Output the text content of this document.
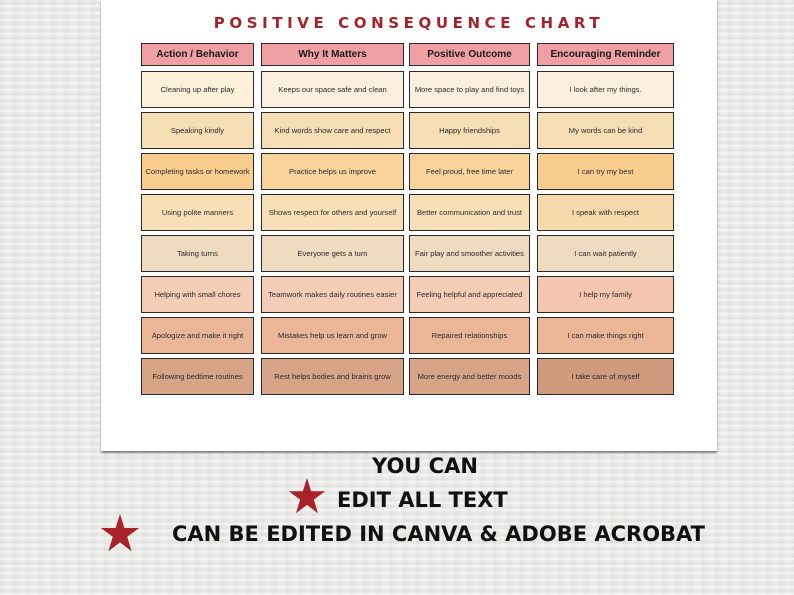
POSITIVE CONSEQUENCE CHART
Action / Behavior	Why It Matters	Positive Outcome	Encouraging Reminder
Cleaning up after play	Keeps our space safe and clean	More space to play and find toys	I look after my things.
Speaking kindly	Kind words show care and respect	Happy friendships	My words can be kind
Completing tasks or homework	Practice helps us improve	Feel proud, free time later	I can try my best
Using polite manners	Shows respect for others and yourself	Better communication and trust	I speak with respect
Taking turns	Everyone gets a turn	Fair play and smoother activities	I can wait patiently
Helping with small chores	Teamwork makes daily routines easier	Feeling helpful and appreciated	I help my family
Apologize and make it right	Mistakes help us learn and grow	Repaired relationships	I can make things right
Following bedtime routines	Rest helps bodies and brains grow	More energy and better moods	I take care of myself
YOU CAN
EDIT ALL TEXT
CAN BE EDITED IN CANVA & ADOBE ACROBAT
